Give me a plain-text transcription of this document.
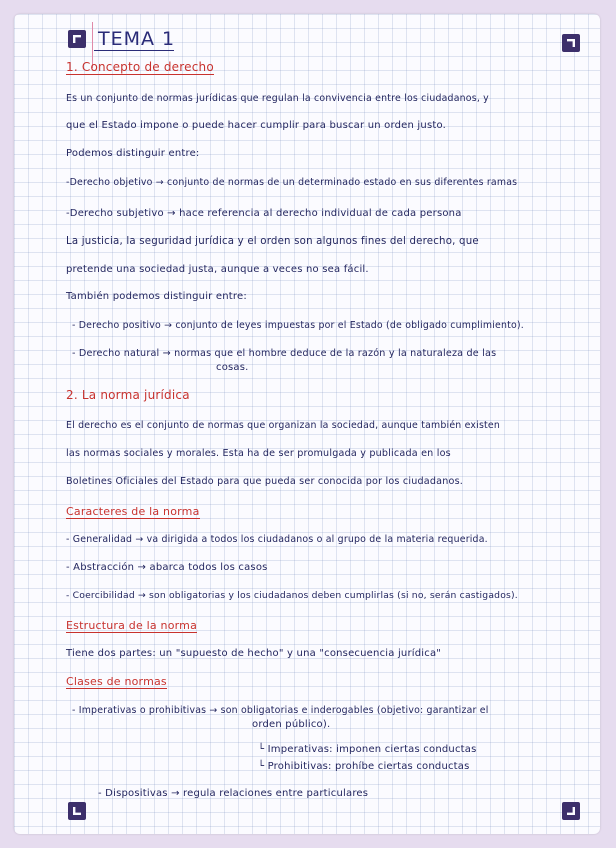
TEMA 1
1. Concepto de derecho
Es un conjunto de normas jurídicas que regulan la convivencia entre los ciudadanos, y
que el Estado impone o puede hacer cumplir para buscar un orden justo.
Podemos distinguir entre:
-Derecho objetivo → conjunto de normas de un determinado estado en sus diferentes ramas
-Derecho subjetivo → hace referencia al derecho individual de cada persona
La justicia, la seguridad jurídica y el orden son algunos fines del derecho, que
pretende una sociedad justa, aunque a veces no sea fácil.
También podemos distinguir entre:
- Derecho positivo → conjunto de leyes impuestas por el Estado (de obligado cumplimiento).
- Derecho natural → normas que el hombre deduce de la razón y la naturaleza de las
cosas.
2. La norma jurídica
El derecho es el conjunto de normas que organizan la sociedad, aunque también existen
las normas sociales y morales. Esta ha de ser promulgada y publicada en los
Boletines Oficiales del Estado para que pueda ser conocida por los ciudadanos.
Caracteres de la norma
- Generalidad → va dirigida a todos los ciudadanos o al grupo de la materia requerida.
- Abstracción → abarca todos los casos
- Coercibilidad → son obligatorias y los ciudadanos deben cumplirlas (si no, serán castigados).
Estructura de la norma
Tiene dos partes: un "supuesto de hecho" y una "consecuencia jurídica"
Clases de normas
- Imperativas o prohibitivas → son obligatorias e inderogables (objetivo: garantizar el
orden público).
└ Imperativas: imponen ciertas conductas
└ Prohibitivas: prohíbe ciertas conductas
- Dispositivas → regula relaciones entre particulares
